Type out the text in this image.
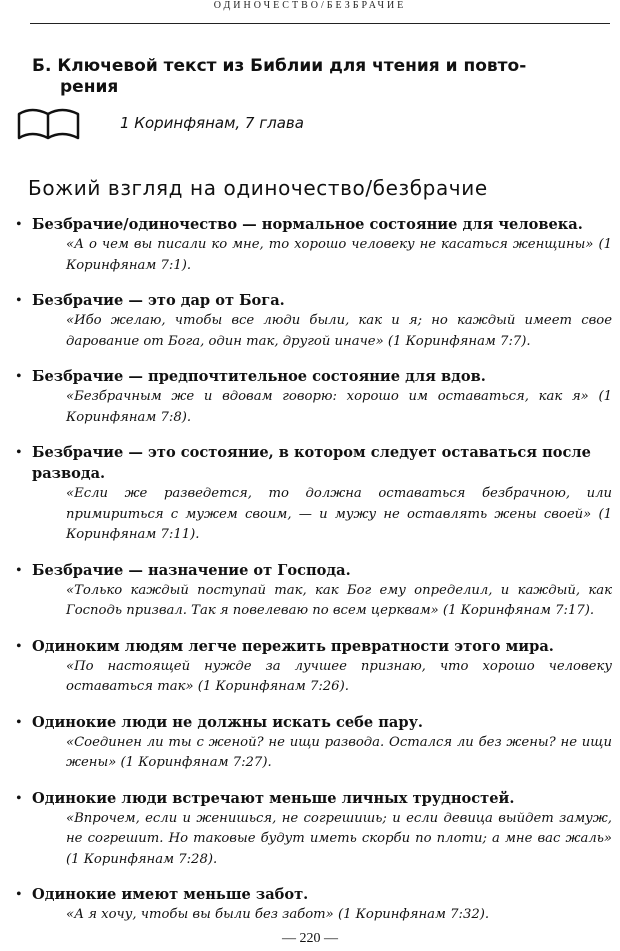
ОДИНОЧЕСТВО/БЕЗБРАЧИЕ
Б. Ключевой текст из Библии для чтения и повто-
рения
1 Коринфянам, 7 глава
Божий взгляд на одиночество/безбрачие
• Безбрачие/одиночество — нормальное состояние для человека.
«А о чем вы писали ко мне, то хорошо человеку не касаться женщины» (1 Коринфянам 7:1).
• Безбрачие — это дар от Бога.
«Ибо желаю, чтобы все люди были, как и я; но каждый имеет свое дарование от Бога, один так, другой иначе» (1 Коринфянам 7:7).
• Безбрачие — предпочтительное состояние для вдов.
«Безбрачным же и вдовам говорю: хорошо им оставаться, как я» (1 Коринфянам 7:8).
• Безбрачие — это состояние, в котором следует оставаться после развода.
«Если же разведется, то должна оставаться безбрачною, или примириться с мужем своим, — и мужу не оставлять жены своей» (1 Коринфянам 7:11).
• Безбрачие — назначение от Господа.
«Только каждый поступай так, как Бог ему определил, и каждый, как Господь призвал. Так я повелеваю по всем церквам» (1 Коринфянам 7:17).
• Одиноким людям легче пережить превратности этого мира.
«По настоящей нужде за лучшее признаю, что хорошо человеку оставаться так» (1 Коринфянам 7:26).
• Одинокие люди не должны искать себе пару.
«Соединен ли ты с женой? не ищи развода. Остался ли без жены? не ищи жены» (1 Коринфянам 7:27).
• Одинокие люди встречают меньше личных трудностей.
«Впрочем, если и женишься, не согрешишь; и если девица выйдет замуж, не согрешит. Но таковые будут иметь скорби по плоти; а мне вас жаль» (1 Коринфянам 7:28).
• Одинокие имеют меньше забот.
«А я хочу, чтобы вы были без забот» (1 Коринфянам 7:32).
— 220 —
